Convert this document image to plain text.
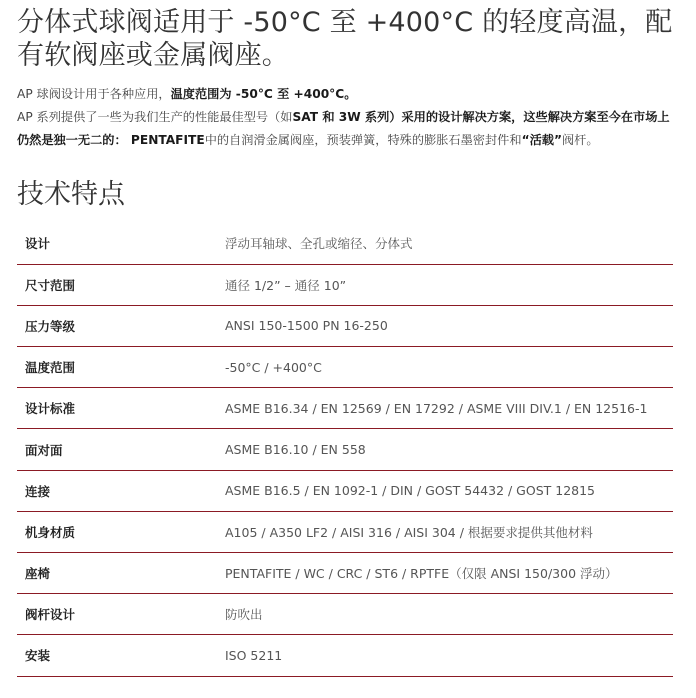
分体式球阀适用于 -50°C 至 +400°C 的轻度高温，配有软阀座或金属阀座。

AP 球阀设计用于各种应用，温度范围为 -50°C 至 +400°C。

AP 系列提供了一些为我们生产的性能最佳型号（如SAT 和 3W 系列）采用的设计解决方案，这些解决方案至今在市场上仍然是独一无二的： PENTAFITE中的自润滑金属阀座，预装弹簧，特殊的膨胀石墨密封件和“活载”阀杆。

技术特点
设计	浮动耳轴球、全孔或缩径、分体式
尺寸范围	通径 1/2” – 通径 10”
压力等级	ANSI 150-1500 PN 16-250
温度范围	-50°C / +400°C
设计标准	ASME B16.34 / EN 12569 / EN 17292 / ASME VIII DIV.1 / EN 12516-1
面对面	ASME B16.10 / EN 558
连接	ASME B16.5 / EN 1092-1 / DIN / GOST 54432 / GOST 12815
机身材质	A105 / A350 LF2 / AISI 316 / AISI 304 / 根据要求提供其他材料
座椅	PENTAFITE / WC / CRC / ST6 / RPTFE（仅限 ANSI 150/300 浮动）
阀杆设计	防吹出
安装	ISO 5211
